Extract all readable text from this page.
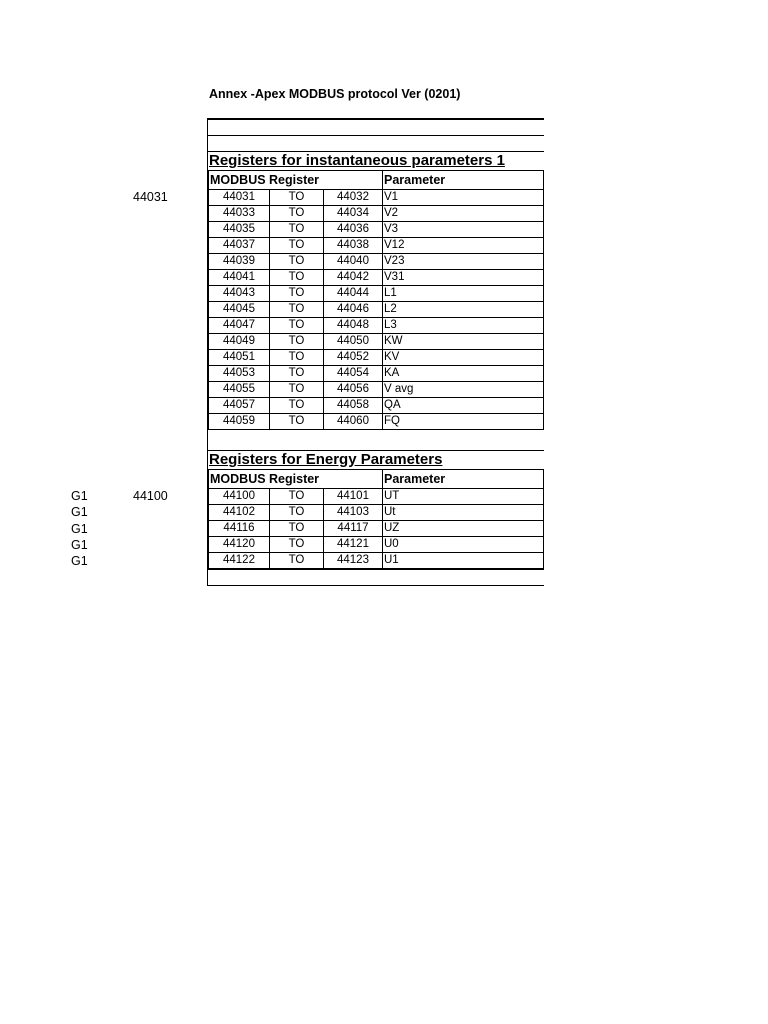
Annex -Apex MODBUS protocol Ver (0201)
Registers for instantaneous parameters 1
MODBUS Register			Parameter
44031	TO	44032	V1
44033	TO	44034	V2
44035	TO	44036	V3
44037	TO	44038	V12
44039	TO	44040	V23
44041	TO	44042	V31
44043	TO	44044	L1
44045	TO	44046	L2
44047	TO	44048	L3
44049	TO	44050	KW
44051	TO	44052	KV
44053	TO	44054	KA
44055	TO	44056	V avg
44057	TO	44058	QA
44059	TO	44060	FQ
Registers for Energy Parameters
MODBUS Register			Parameter
44100	TO	44101	UT
44102	TO	44103	Ut
44116	TO	44117	UZ
44120	TO	44121	U0
44122	TO	44123	U1
44031
44100
G1
G1
G1
G1
G1
